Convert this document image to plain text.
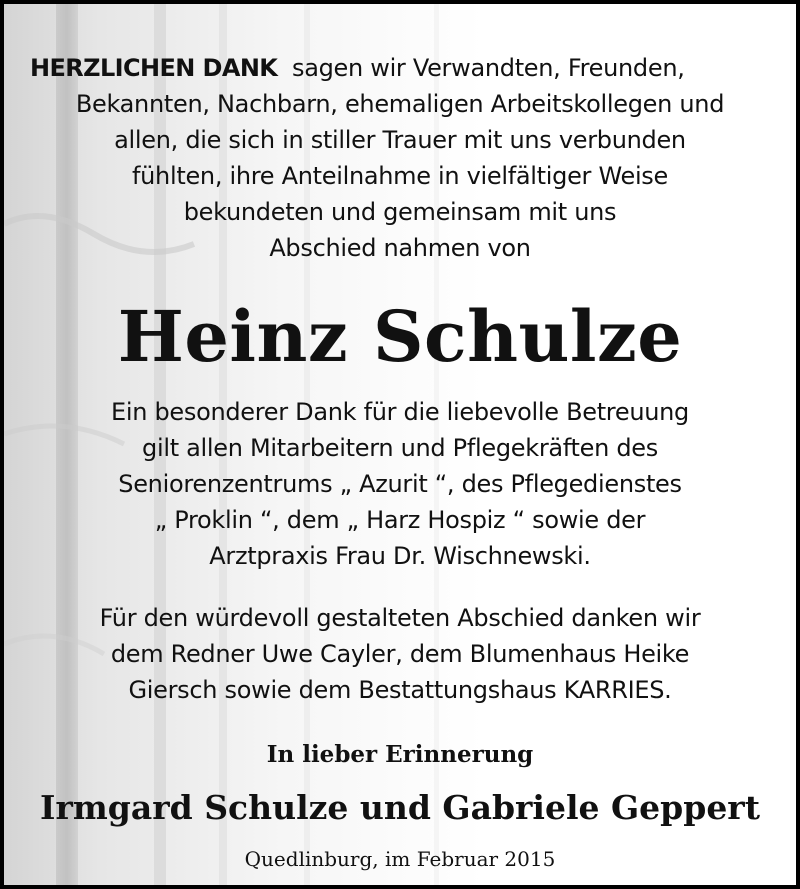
HERZLICHEN DANK sagen wir Verwandten, Freunden,
Bekannten, Nachbarn, ehemaligen Arbeitskollegen und
allen, die sich in stiller Trauer mit uns verbunden
fühlten, ihre Anteilnahme in vielfältiger Weise
bekundeten und gemeinsam mit uns
Abschied nahmen von
Heinz Schulze
Ein besonderer Dank für die liebevolle Betreuung
gilt allen Mitarbeitern und Pflegekräften des
Seniorenzentrums „ Azurit “, des Pflegedienstes
„ Proklin “, dem „ Harz Hospiz “ sowie der
Arztpraxis Frau Dr. Wischnewski.
Für den würdevoll gestalteten Abschied danken wir
dem Redner Uwe Cayler, dem Blumenhaus Heike
Giersch sowie dem Bestattungshaus KARRIES.
In lieber Erinnerung
Irmgard Schulze und Gabriele Geppert
Quedlinburg, im Februar 2015
